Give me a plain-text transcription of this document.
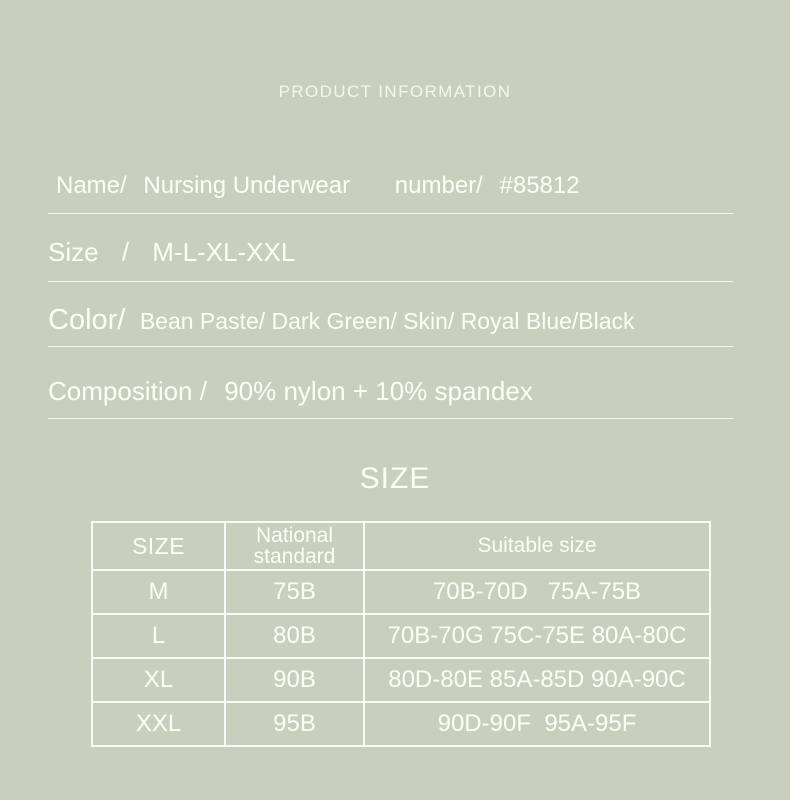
PRODUCT INFORMATION
Name/ Nursing Underwear number/ #85812
Size / M-L-XL-XXL
Color/ Bean Paste/ Dark Green/ Skin/ Royal Blue/Black
Composition / 90% nylon + 10% spandex
SIZE
SIZE	National standard	Suitable size
M	75B	70B-70D   75A-75B
L	80B	70B-70G 75C-75E 80A-80C
XL	90B	80D-80E 85A-85D 90A-90C
XXL	95B	90D-90F  95A-95F
